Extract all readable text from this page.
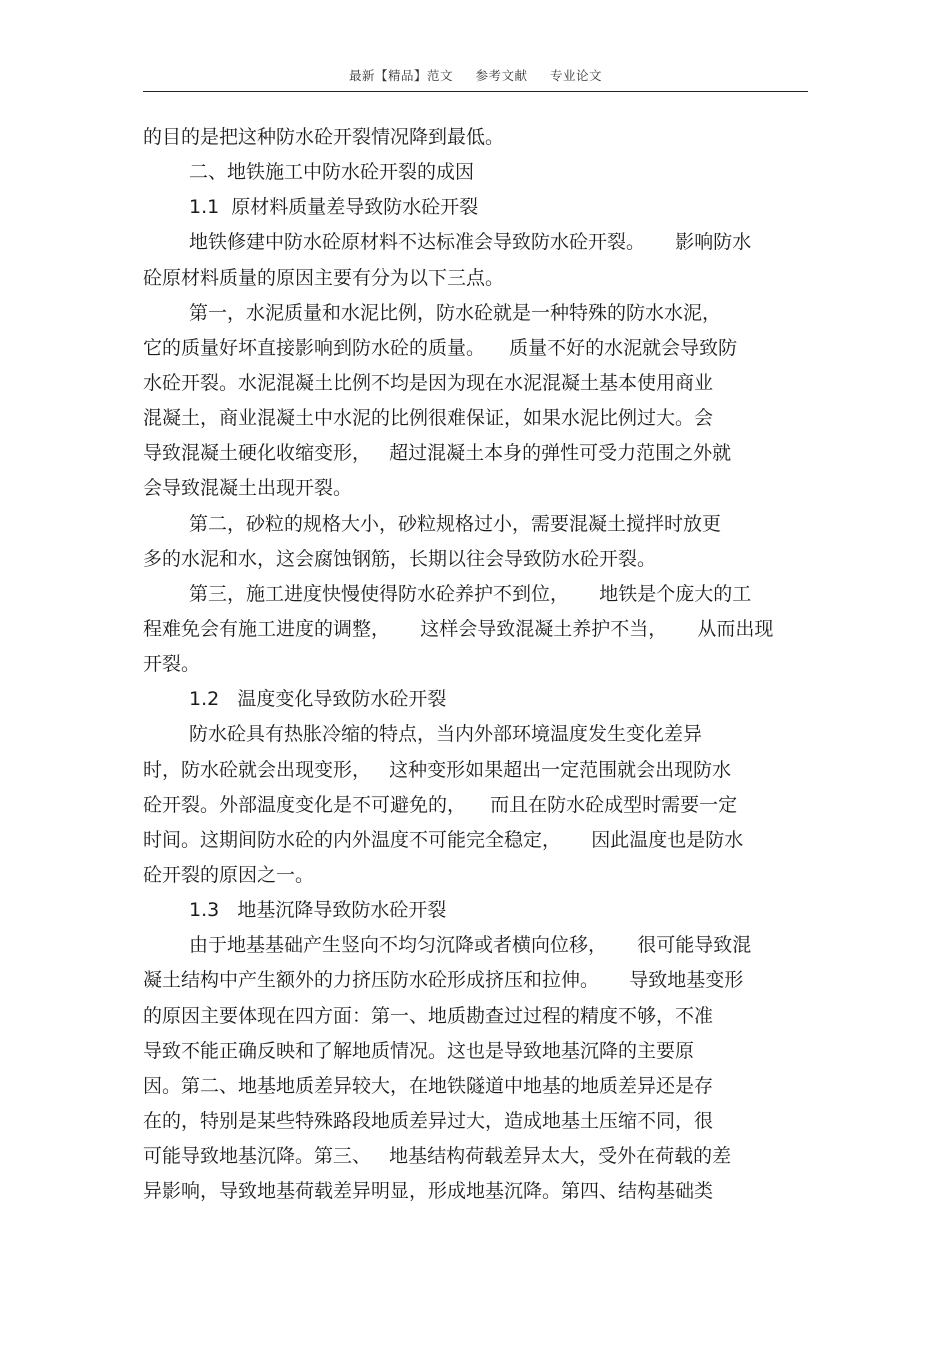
最新【精品】范文 参考文献 专业论文
的目的是把这种防水砼开裂情况降到最低。
二、地铁施工中防水砼开裂的成因
1.1  原材料质量差导致防水砼开裂
地铁修建中防水砼原材料不达标准会导致防水砼开裂。     影响防水
砼原材料质量的原因主要有分为以下三点。
第一，水泥质量和水泥比例，防水砼就是一种特殊的防水水泥，
它的质量好坏直接影响到防水砼的质量。    质量不好的水泥就会导致防
水砼开裂。水泥混凝土比例不均是因为现在水泥混凝土基本使用商业
混凝土，商业混凝土中水泥的比例很难保证，如果水泥比例过大。会
导致混凝土硬化收缩变形，   超过混凝土本身的弹性可受力范围之外就
会导致混凝土出现开裂。
第二，砂粒的规格大小，砂粒规格过小，需要混凝土搅拌时放更
多的水泥和水，这会腐蚀钢筋，长期以往会导致防水砼开裂。
第三，施工进度快慢使得防水砼养护不到位，     地铁是个庞大的工
程难免会有施工进度的调整，     这样会导致混凝土养护不当，     从而出现
开裂。
1.2   温度变化导致防水砼开裂
防水砼具有热胀冷缩的特点，当内外部环境温度发生变化差异
时，防水砼就会出现变形，   这种变形如果超出一定范围就会出现防水
砼开裂。外部温度变化是不可避免的，    而且在防水砼成型时需要一定
时间。这期间防水砼的内外温度不可能完全稳定，     因此温度也是防水
砼开裂的原因之一。
1.3   地基沉降导致防水砼开裂
由于地基基础产生竖向不均匀沉降或者横向位移，     很可能导致混
凝土结构中产生额外的力挤压防水砼形成挤压和拉伸。     导致地基变形
的原因主要体现在四方面：第一、地质勘查过过程的精度不够，不准
导致不能正确反映和了解地质情况。这也是导致地基沉降的主要原
因。第二、地基地质差异较大，在地铁隧道中地基的地质差异还是存
在的，特别是某些特殊路段地质差异过大，造成地基土压缩不同，很
可能导致地基沉降。第三、   地基结构荷载差异太大，受外在荷载的差
异影响，导致地基荷载差异明显，形成地基沉降。第四、结构基础类
